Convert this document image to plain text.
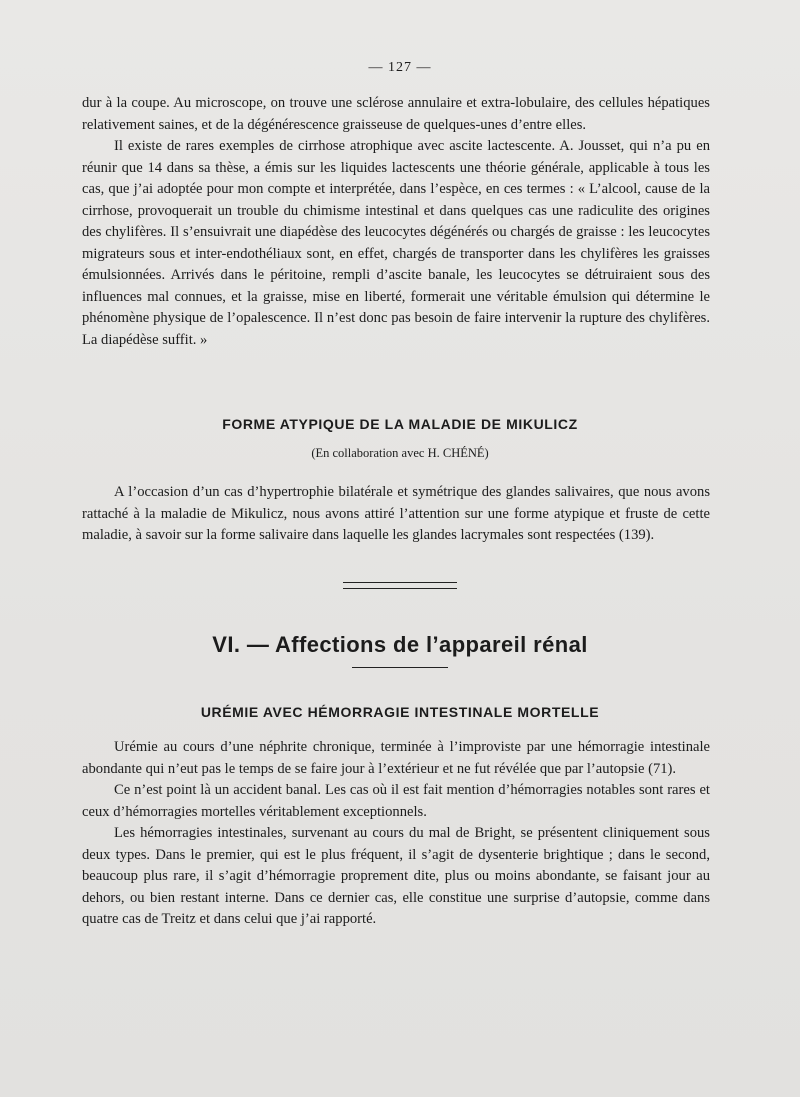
— 127 —

dur à la coupe. Au microscope, on trouve une sclérose annulaire et extra-lobulaire, des cellules hépatiques relativement saines, et de la dégénérescence graisseuse de quelques-unes d’entre elles.

Il existe de rares exemples de cirrhose atrophique avec ascite lactescente. A. Jousset, qui n’a pu en réunir que 14 dans sa thèse, a émis sur les liquides lactescents une théorie générale, applicable à tous les cas, que j’ai adoptée pour mon compte et interprétée, dans l’espèce, en ces termes : « L’alcool, cause de la cirrhose, provoquerait un trouble du chimisme intestinal et dans quelques cas une radiculite des origines des chylifères. Il s’ensuivrait une diapédèse des leucocytes dégénérés ou chargés de graisse : les leucocytes migrateurs sous et inter-endothéliaux sont, en effet, chargés de transporter dans les chylifères les graisses émulsionnées. Arrivés dans le péritoine, rempli d’ascite banale, les leucocytes se détruiraient sous des influences mal connues, et la graisse, mise en liberté, formerait une véritable émulsion qui détermine le phénomène physique de l’opalescence. Il n’est donc pas besoin de faire intervenir la rupture des chylifères. La diapédèse suffit. »

FORME ATYPIQUE DE LA MALADIE DE MIKULICZ
(En collaboration avec H. CHÉNÉ)

A l’occasion d’un cas d’hypertrophie bilatérale et symétrique des glandes salivaires, que nous avons rattaché à la maladie de Mikulicz, nous avons attiré l’attention sur une forme atypique et fruste de cette maladie, à savoir sur la forme salivaire dans laquelle les glandes lacrymales sont respectées (139).

VI. — Affections de l’appareil rénal
URÉMIE AVEC HÉMORRAGIE INTESTINALE MORTELLE

Urémie au cours d’une néphrite chronique, terminée à l’improviste par une hémorragie intestinale abondante qui n’eut pas le temps de se faire jour à l’extérieur et ne fut révélée que par l’autopsie (71).

Ce n’est point là un accident banal. Les cas où il est fait mention d’hémorragies notables sont rares et ceux d’hémorragies mortelles véritablement exceptionnels.

Les hémorragies intestinales, survenant au cours du mal de Bright, se présentent cliniquement sous deux types. Dans le premier, qui est le plus fréquent, il s’agit de dysenterie brightique ; dans le second, beaucoup plus rare, il s’agit d’hémorragie proprement dite, plus ou moins abondante, se faisant jour au dehors, ou bien restant interne. Dans ce dernier cas, elle constitue une surprise d’autopsie, comme dans quatre cas de Treitz et dans celui que j’ai rapporté.
